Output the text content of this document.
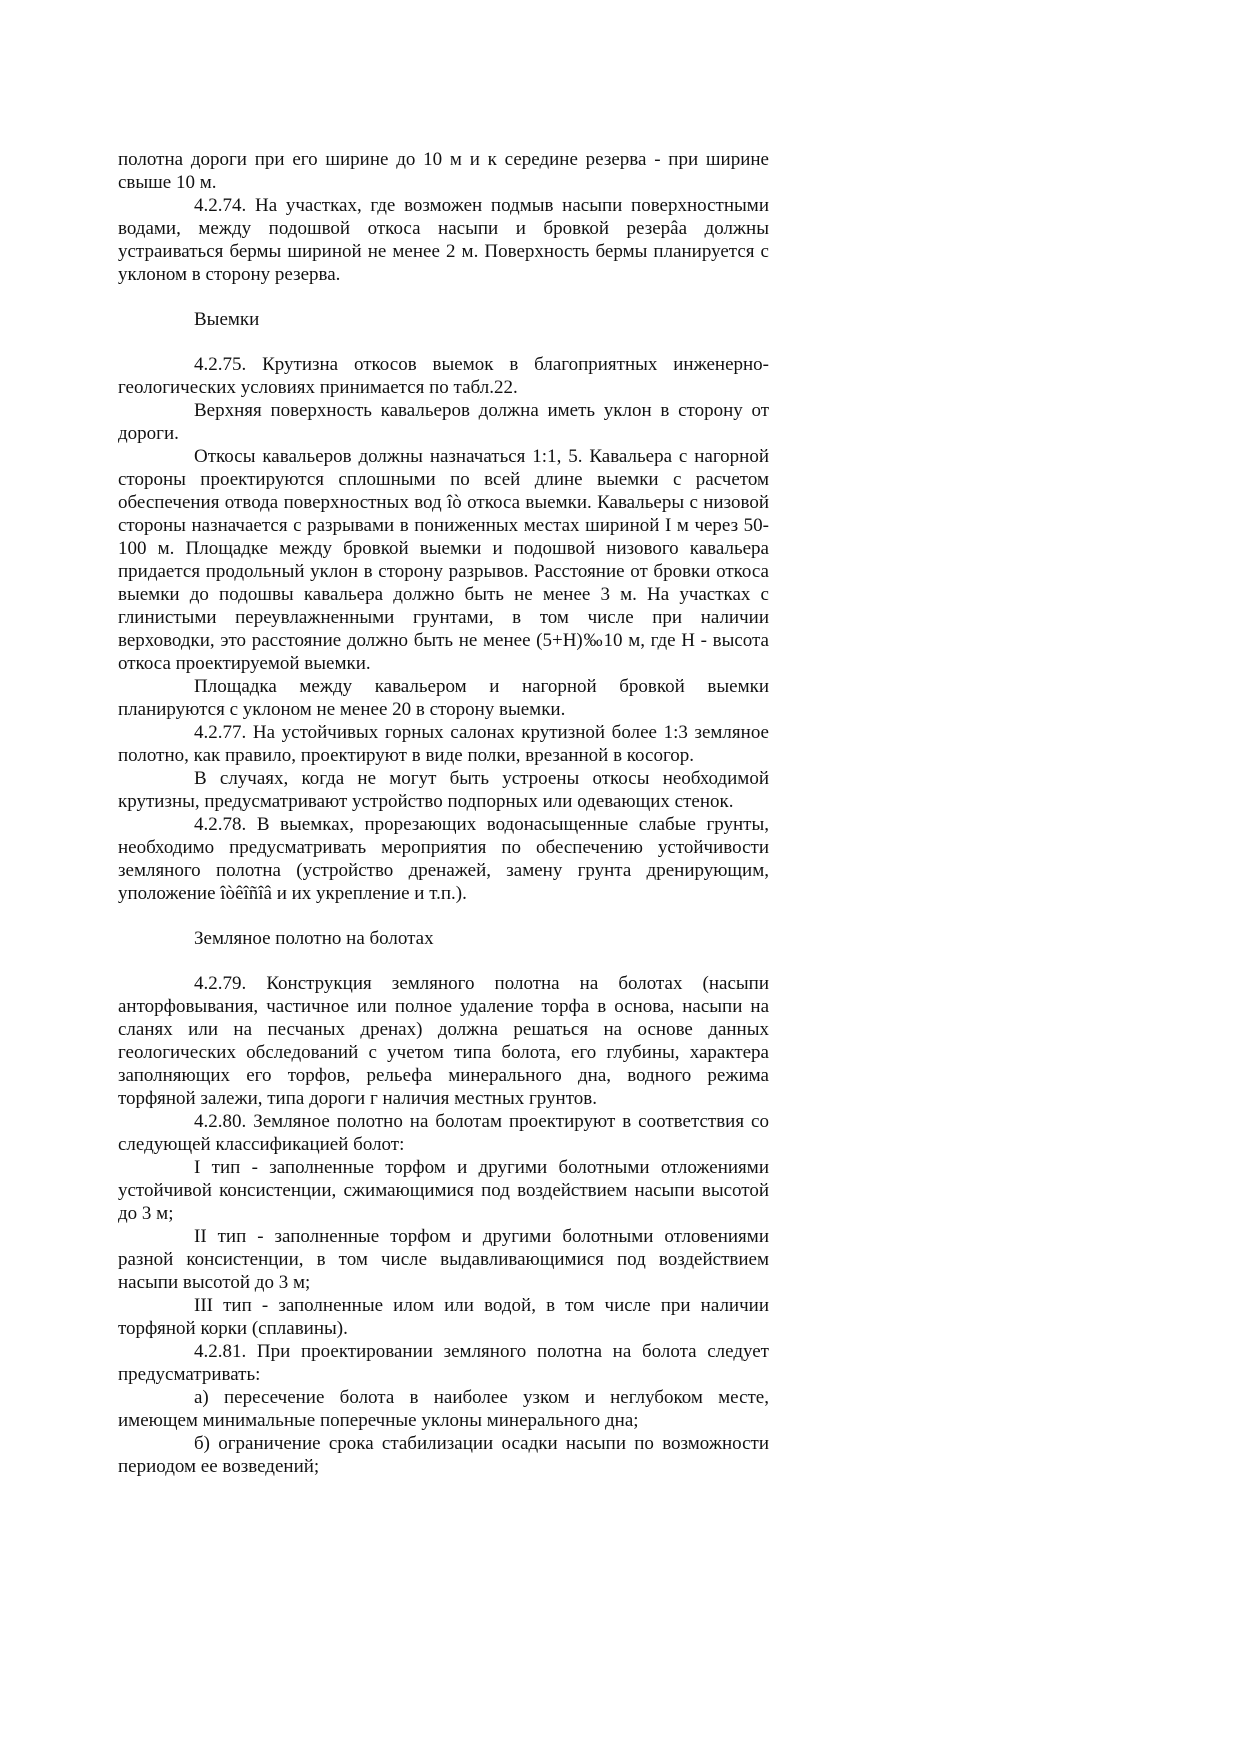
полотна дороги при его ширине до 10 м и к середине резерва - при ширине свыше 10 м.

4.2.74. На участках, где возможен подмыв насыпи поверхностными водами, между подошвой откоса насыпи и бровкой резерâа должны устраиваться бермы шириной не менее 2 м. Поверхность бермы планируется с уклоном в сторону резерва.

Выемки

4.2.75. Крутизна откосов выемок в благоприятных инженерно-геологических условиях принимается по табл.22.

Верхняя поверхность кавальеров должна иметь уклон в сторону от дороги.

Откосы кавальеров должны назначаться 1:1, 5. Кавальера с нагорной стороны проектируются сплошными по всей длине выемки с расчетом обеспечения отвода поверхностных вод îò откоса выемки. Кавальеры с низовой стороны назначается с разрывами в пониженных местах шириной I м через 50-100 м. Площадке между бровкой выемки и подошвой низового кавальера придается продольный уклон в сторону разрывов. Расстояние от бровки откоса выемки до подошвы кавальера должно быть не менее 3 м. На участках с глинистыми переувлажненными грунтами, в том числе при наличии верховодки, это расстояние должно быть не менее (5+Н)‰10 м, где Н - высота откоса проектируемой выемки.

Площадка между кавальером и нагорной бровкой выемки планируются с уклоном не менее 20 в сторону выемки.

4.2.77. На устойчивых горных салонах крутизной более 1:3 земляное полотно, как правило, проектируют в виде полки, врезанной в косогор.

В случаях, когда не могут быть устроены откосы необходимой крутизны, предусматривают устройство подпорных или одевающих стенок.

4.2.78. В выемках, прорезающих водонасыщенные слабые грунты, необходимо предусматривать мероприятия по обеспечению устойчивости земляного полотна (устройство дренажей, замену грунта дренирующим, уположение îòêîñîâ и их укрепление и т.п.).

Земляное полотно на болотах

4.2.79. Конструкция земляного полотна на болотах (насыпи анторфовывания, частичное или полное удаление торфа в основа, насыпи на сланях или на песчаных дренах) должна решаться на основе данных геологических обследований с учетом типа болота, его глубины, характера заполняющих его торфов, рельефа минерального дна, водного режима торфяной залежи, типа дороги г наличия местных грунтов.

4.2.80. Земляное полотно на болотам проектируют в соответствия со следующей классификацией болот:

I тип - заполненные торфом и другими болотными отложениями устойчивой консистенции, сжимающимися под воздействием насыпи высотой до 3 м;

II тип - заполненные торфом и другими болотными отловениями разной консистенции, в том числе выдавливающимися под воздействием насыпи высотой до 3 м;

III тип - заполненные илом или водой, в том числе при наличии торфяной корки (сплавины).

4.2.81. При проектировании земляного полотна на болота следует предусматривать:

а) пересечение болота в наиболее узком и неглубоком месте, имеющем минимальные поперечные уклоны минерального дна;

б) ограничение срока стабилизации осадки насыпи по возможности периодом ее возведений;
